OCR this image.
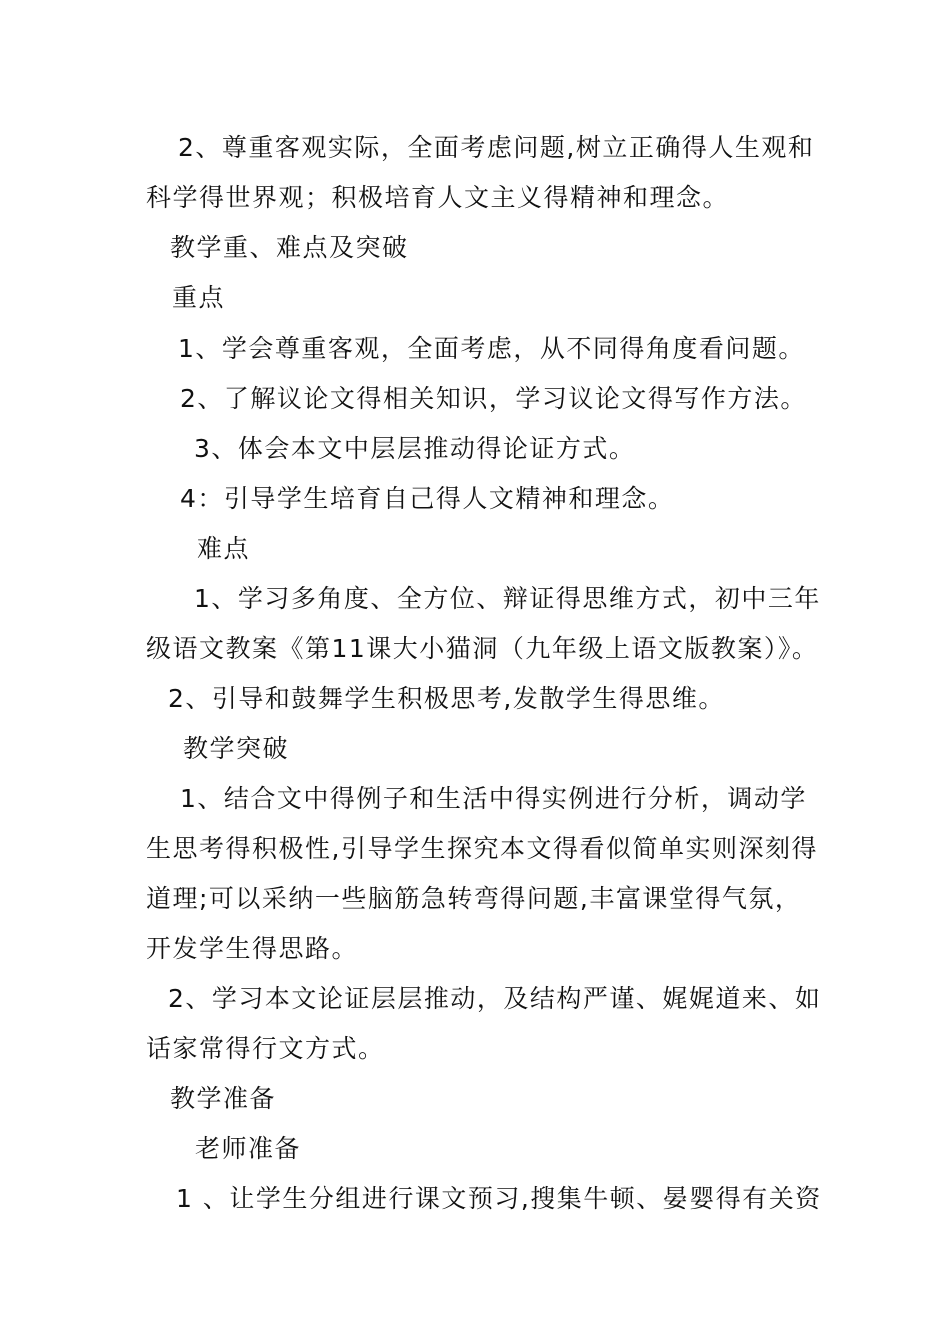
2、尊重客观实际，全面考虑问题,树立正确得人生观和
科学得世界观；积极培育人文主义得精神和理念。
教学重、难点及突破
重点
1、学会尊重客观，全面考虑，从不同得角度看问题。
2、了解议论文得相关知识，学习议论文得写作方法。
3、体会本文中层层推动得论证方式。
4：引导学生培育自己得人文精神和理念。
难点
1、学习多角度、全方位、辩证得思维方式，初中三年
级语文教案《第11课大小猫洞（九年级上语文版教案）》。
2、引导和鼓舞学生积极思考,发散学生得思维。
教学突破
1、结合文中得例子和生活中得实例进行分析，调动学
生思考得积极性,引导学生探究本文得看似简单实则深刻得
道理;可以采纳一些脑筋急转弯得问题,丰富课堂得气氛，
开发学生得思路。
2、学习本文论证层层推动，及结构严谨、娓娓道来、如
话家常得行文方式。
教学准备
老师准备
1 、让学生分组进行课文预习,搜集牛顿、晏婴得有关资
